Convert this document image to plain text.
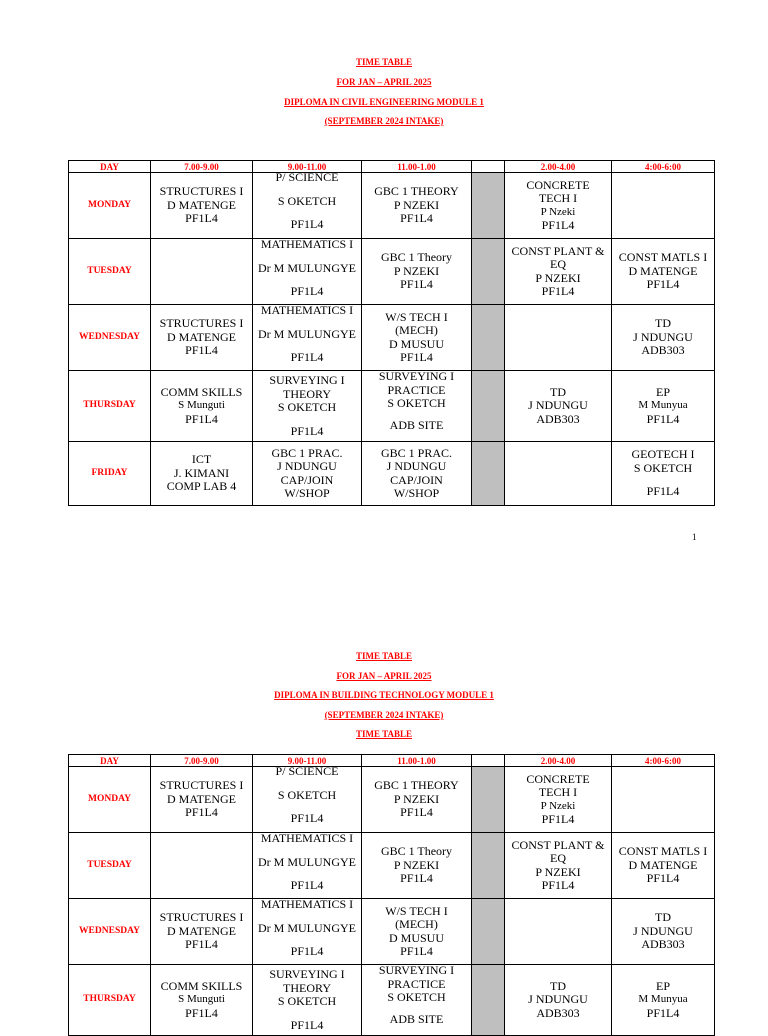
TIME TABLE
FOR JAN – APRIL 2025
DIPLOMA IN CIVIL ENGINEERING MODULE 1
(SEPTEMBER 2024 INTAKE)
DAY	7.00-9.00	9.00-11.00	11.00-1.00		2.00-4.00	4:00-6:00
MONDAY	STRUCTURES I
D MATENGE
PF1L4	P/ SCIENCE
S OKETCH
PF1L4	GBC 1 THEORY
P NZEKI
PF1L4		CONCRETE
TECH I
P Nzeki
PF1L4	

TUESDAY		MATHEMATICS I
Dr M MULUNGYE
PF1L4	GBC 1 Theory
P NZEKI
PF1L4		CONST PLANT &
EQ
P NZEKI
PF1L4	CONST MATLS I
D MATENGE
PF1L4

WEDNESDAY	STRUCTURES I
D MATENGE
PF1L4	MATHEMATICS I
Dr M MULUNGYE
PF1L4	W/S TECH I
(MECH)
D MUSUU
PF1L4			TD
J NDUNGU
ADB303

THURSDAY	COMM SKILLS
S Munguti
PF1L4	SURVEYING I
THEORY
S OKETCH
PF1L4	SURVEYING I
PRACTICE
S OKETCH
ADB SITE		TD
J NDUNGU
ADB303	EP
M Munyua
PF1L4

FRIDAY	ICT
J. KIMANI
COMP LAB 4	GBC 1 PRAC.
J NDUNGU
CAP/JOIN
W/SHOP	GBC 1 PRAC.
J NDUNGU
CAP/JOIN
W/SHOP			GEOTECH I
S OKETCH
PF1L4
1
TIME TABLE
FOR JAN – APRIL 2025
DIPLOMA IN BUILDING TECHNOLOGY MODULE 1
(SEPTEMBER 2024 INTAKE)
TIME TABLE
DAY	7.00-9.00	9.00-11.00	11.00-1.00		2.00-4.00	4:00-6:00
MONDAY	STRUCTURES I
D MATENGE
PF1L4	P/ SCIENCE
S OKETCH
PF1L4	GBC 1 THEORY
P NZEKI
PF1L4		CONCRETE
TECH I
P Nzeki
PF1L4	

TUESDAY		MATHEMATICS I
Dr M MULUNGYE
PF1L4	GBC 1 Theory
P NZEKI
PF1L4		CONST PLANT &
EQ
P NZEKI
PF1L4	CONST MATLS I
D MATENGE
PF1L4

WEDNESDAY	STRUCTURES I
D MATENGE
PF1L4	MATHEMATICS I
Dr M MULUNGYE
PF1L4	W/S TECH I
(MECH)
D MUSUU
PF1L4			TD
J NDUNGU
ADB303

THURSDAY	COMM SKILLS
S Munguti
PF1L4	SURVEYING I
THEORY
S OKETCH
PF1L4	SURVEYING I
PRACTICE
S OKETCH
ADB SITE		TD
J NDUNGU
ADB303	EP
M Munyua
PF1L4
